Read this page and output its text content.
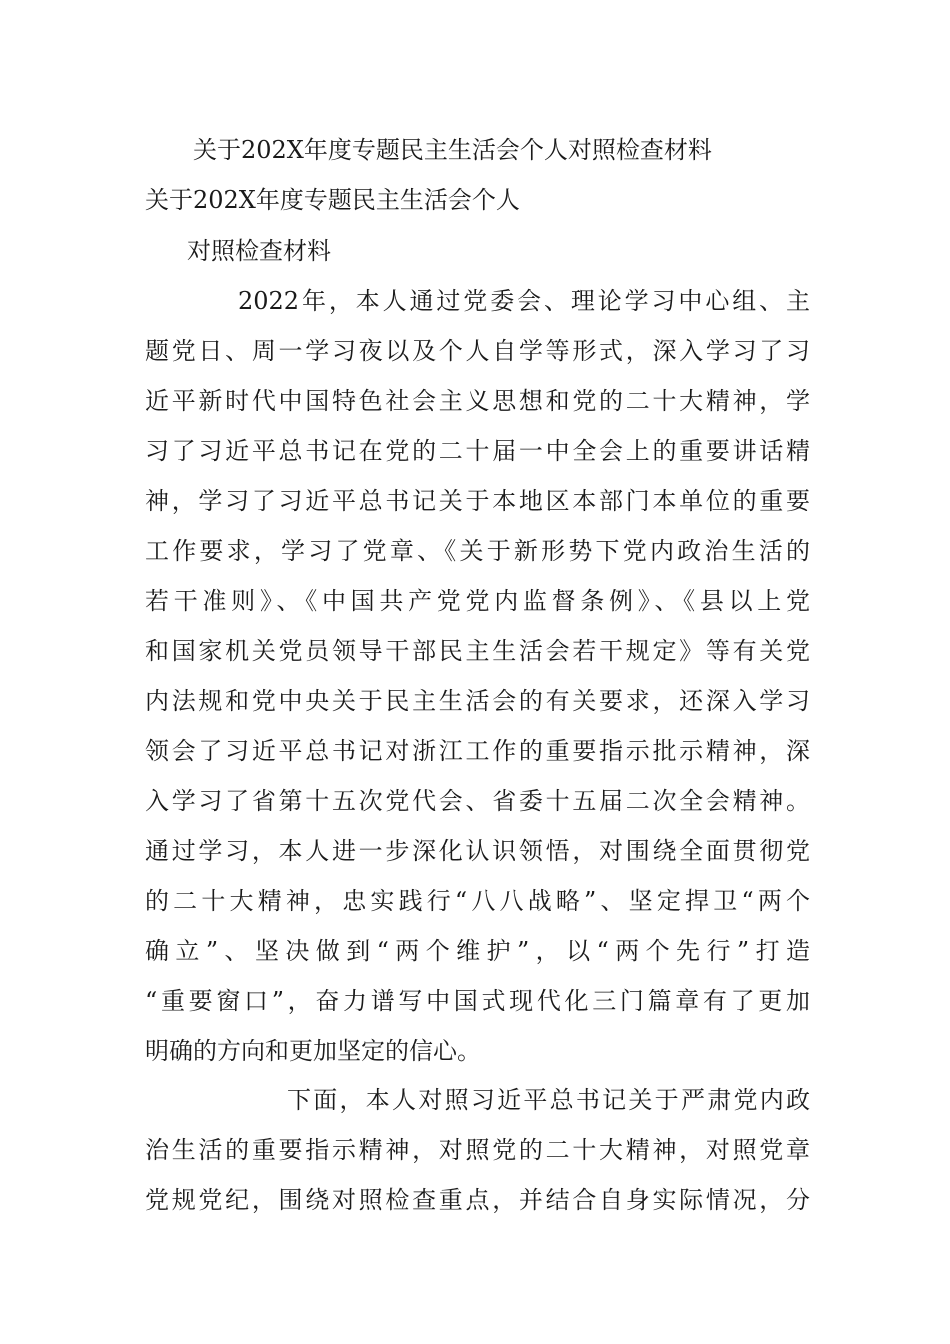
关于202X年度专题民主生活会个人对照检查材料
关于202X年度专题民主生活会个人
对照检查材料
2022年，本人通过党委会、理论学习中心组、主
题党日、周一学习夜以及个人自学等形式，深入学习了习
近平新时代中国特色社会主义思想和党的二十大精神，学
习了习近平总书记在党的二十届一中全会上的重要讲话精
神，学习了习近平总书记关于本地区本部门本单位的重要
工作要求，学习了党章、《关于新形势下党内政治生活的
若干准则》、《中国共产党党内监督条例》、《县以上党
和国家机关党员领导干部民主生活会若干规定》等有关党
内法规和党中央关于民主生活会的有关要求，还深入学习
领会了习近平总书记对浙江工作的重要指示批示精神，深
入学习了省第十五次党代会、省委十五届二次全会精神。
通过学习，本人进一步深化认识领悟，对围绕全面贯彻党
的二十大精神，忠实践行“八八战略”、坚定捍卫“两个
确立”、坚决做到“两个维护”，以“两个先行”打造
“重要窗口”，奋力谱写中国式现代化三门篇章有了更加
明确的方向和更加坚定的信心。
下面，本人对照习近平总书记关于严肃党内政
治生活的重要指示精神，对照党的二十大精神，对照党章
党规党纪，围绕对照检查重点，并结合自身实际情况，分
